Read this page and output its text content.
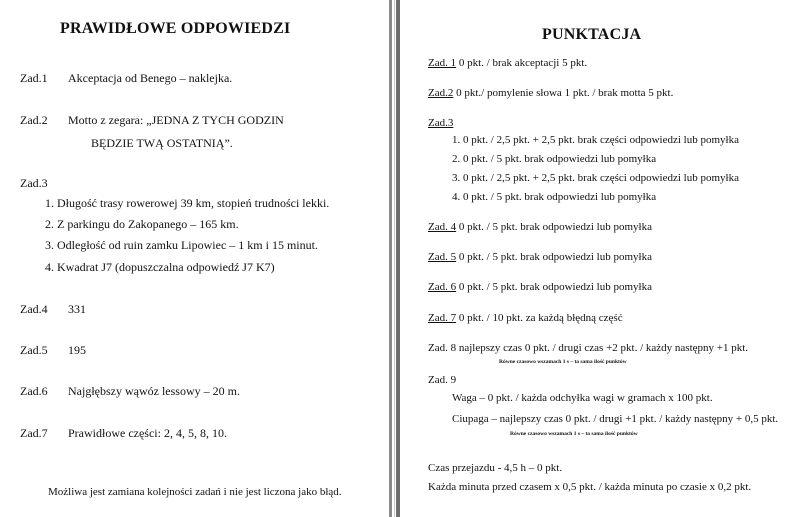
PRAWIDŁOWE ODPOWIEDZI
Zad.1 Akceptacja od Benego – naklejka.
Zad.2 Motto z zegara: „JEDNA Z TYCH GODZIN
BĘDZIE TWĄ OSTATNIĄ”.
Zad.3
1. Długość trasy rowerowej 39 km, stopień trudności lekki.
2. Z parkingu do Zakopanego – 165 km.
3. Odległość od ruin zamku Lipowiec – 1 km i 15 minut.
4. Kwadrat J7 (dopuszczalna odpowiedź J7 K7)
Zad.4 331
Zad.5 195
Zad.6 Najgłębszy wąwóz lessowy – 20 m.
Zad.7 Prawidłowe części: 2, 4, 5, 8, 10.
Możliwa jest zamiana kolejności zadań i nie jest liczona jako błąd.
PUNKTACJA
Zad. 1 0 pkt. / brak akceptacji 5 pkt.
Zad.2 0 pkt./ pomylenie słowa 1 pkt. / brak motta 5 pkt.
Zad.3
1. 0 pkt. / 2,5 pkt. + 2,5 pkt. brak części odpowiedzi lub pomyłka
2. 0 pkt. / 5 pkt. brak odpowiedzi lub pomyłka
3. 0 pkt. / 2,5 pkt. + 2,5 pkt. brak części odpowiedzi lub pomyłka
4. 0 pkt. / 5 pkt. brak odpowiedzi lub pomyłka
Zad. 4 0 pkt. / 5 pkt. brak odpowiedzi lub pomyłka
Zad. 5 0 pkt. / 5 pkt. brak odpowiedzi lub pomyłka
Zad. 6 0 pkt. / 5 pkt. brak odpowiedzi lub pomyłka
Zad. 7 0 pkt. / 10 pkt. za każdą błędną część
Zad. 8 najlepszy czas 0 pkt. / drugi czas +2 pkt. / każdy następny +1 pkt.
Równe czasowo wszamach 1 s – ta sama ilość punktów
Zad. 9
Waga – 0 pkt. / każda odchyłka wagi w gramach x 100 pkt.
Ciupaga – najlepszy czas 0 pkt. / drugi +1 pkt. / każdy następny + 0,5 pkt.
Równe czasowo wszamach 1 s – ta sama ilość punktów
Czas przejazdu - 4,5 h – 0 pkt.
Każda minuta przed czasem x 0,5 pkt. / każda minuta po czasie x 0,2 pkt.
